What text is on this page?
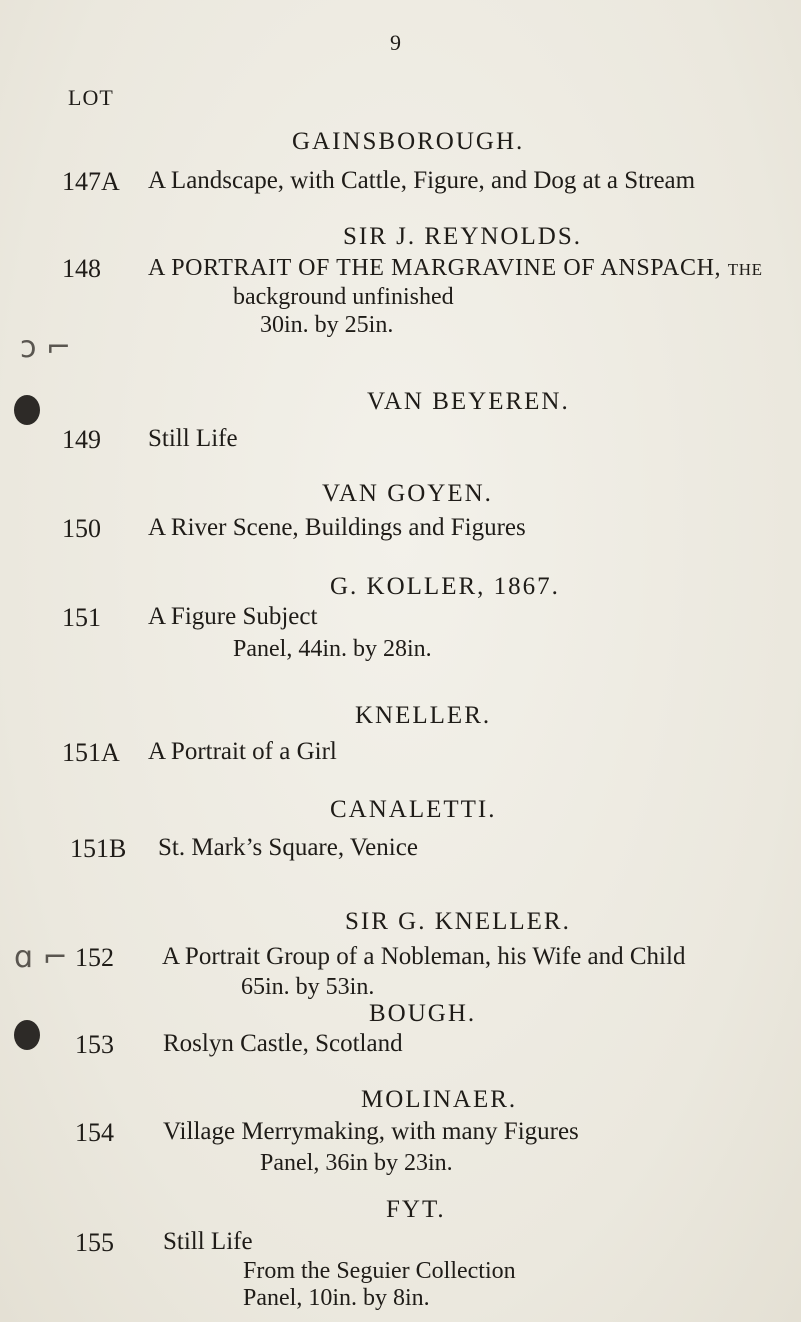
9
LOT
GAINSBOROUGH.
147A A Landscape, with Cattle, Figure, and Dog at a Stream
SIR J. REYNOLDS.
148 A PORTRAIT OF THE MARGRAVINE OF ANSPACH, the
background unfinished
30in. by 25in.
VAN BEYEREN.
149 Still Life
VAN GOYEN.
150 A River Scene, Buildings and Figures
G. KOLLER, 1867.
151 A Figure Subject
Panel, 44in. by 28in.
KNELLER.
151A A Portrait of a Girl
CANALETTI.
151B St. Mark’s Square, Venice
SIR G. KNELLER.
152 A Portrait Group of a Nobleman, his Wife and Child
65in. by 53in.
BOUGH.
153 Roslyn Castle, Scotland
MOLINAER.
154 Village Merrymaking, with many Figures
Panel, 36in by 23in.
FYT.
155 Still Life
From the Seguier Collection
ↄ ⌐
ɑ ⌐
Panel, 10in. by 8in.
